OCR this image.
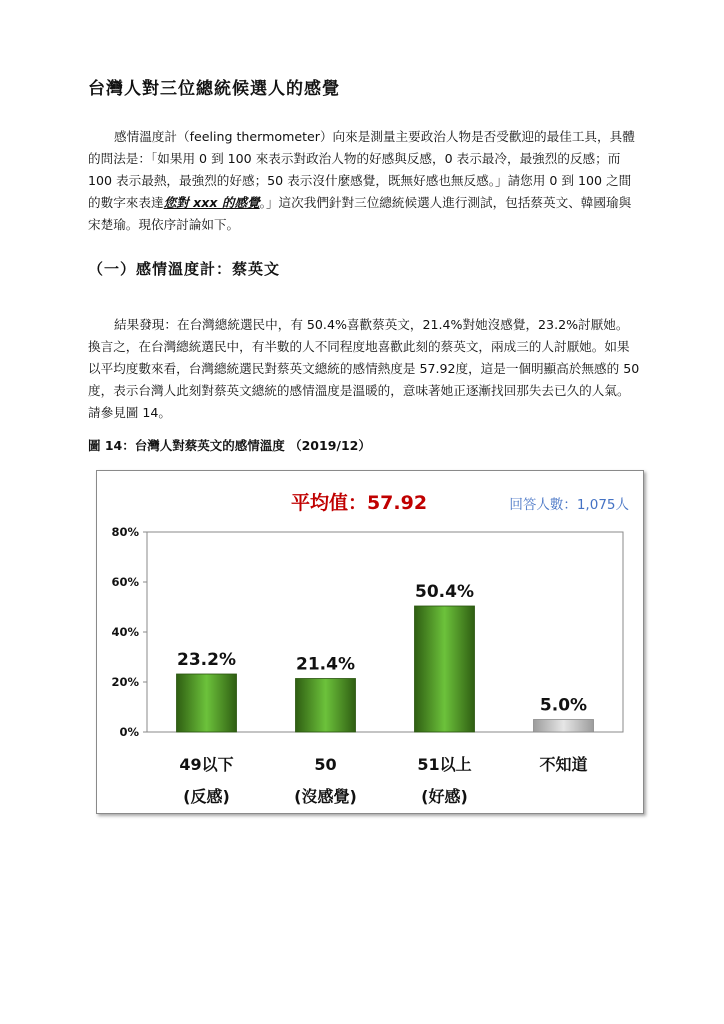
台灣人對三位總統候選人的感覺

感情溫度計（feeling thermometer）向來是測量主要政治人物是否受歡迎的最佳工具，具體的問法是：「如果用 0 到 100 來表示對政治人物的好感與反感，0 表示最冷，最強烈的反感；而 100 表示最熱，最強烈的好感；50 表示沒什麼感覺，既無好感也無反感。」請您用 0 到 100 之間的數字來表達您對 xxx 的感覺。」這次我們針對三位總統候選人進行測試，包括蔡英文、韓國瑜與宋楚瑜。現依序討論如下。

（一）感情溫度計：蔡英文

結果發現：在台灣總統選民中，有 50.4%喜歡蔡英文，21.4%對她沒感覺，23.2%討厭她。換言之，在台灣總統選民中，有半數的人不同程度地喜歡此刻的蔡英文，兩成三的人討厭她。如果以平均度數來看，台灣總統選民對蔡英文總統的感情熱度是 57.92度，這是一個明顯高於無感的 50 度，表示台灣人此刻對蔡英文總統的感情溫度是溫暖的，意味著她正逐漸找回那失去已久的人氣。請參見圖 14。

圖 14：台灣人對蔡英文的感情溫度 （2019/12）
平均值：57.92	回答人數：1,075人
0%
20%
40%
60%
80%
23.2%	21.4%
50.4%
5.0%
49以下
(反感)
50
(沒感覺)
51以上
(好感)
不知道
